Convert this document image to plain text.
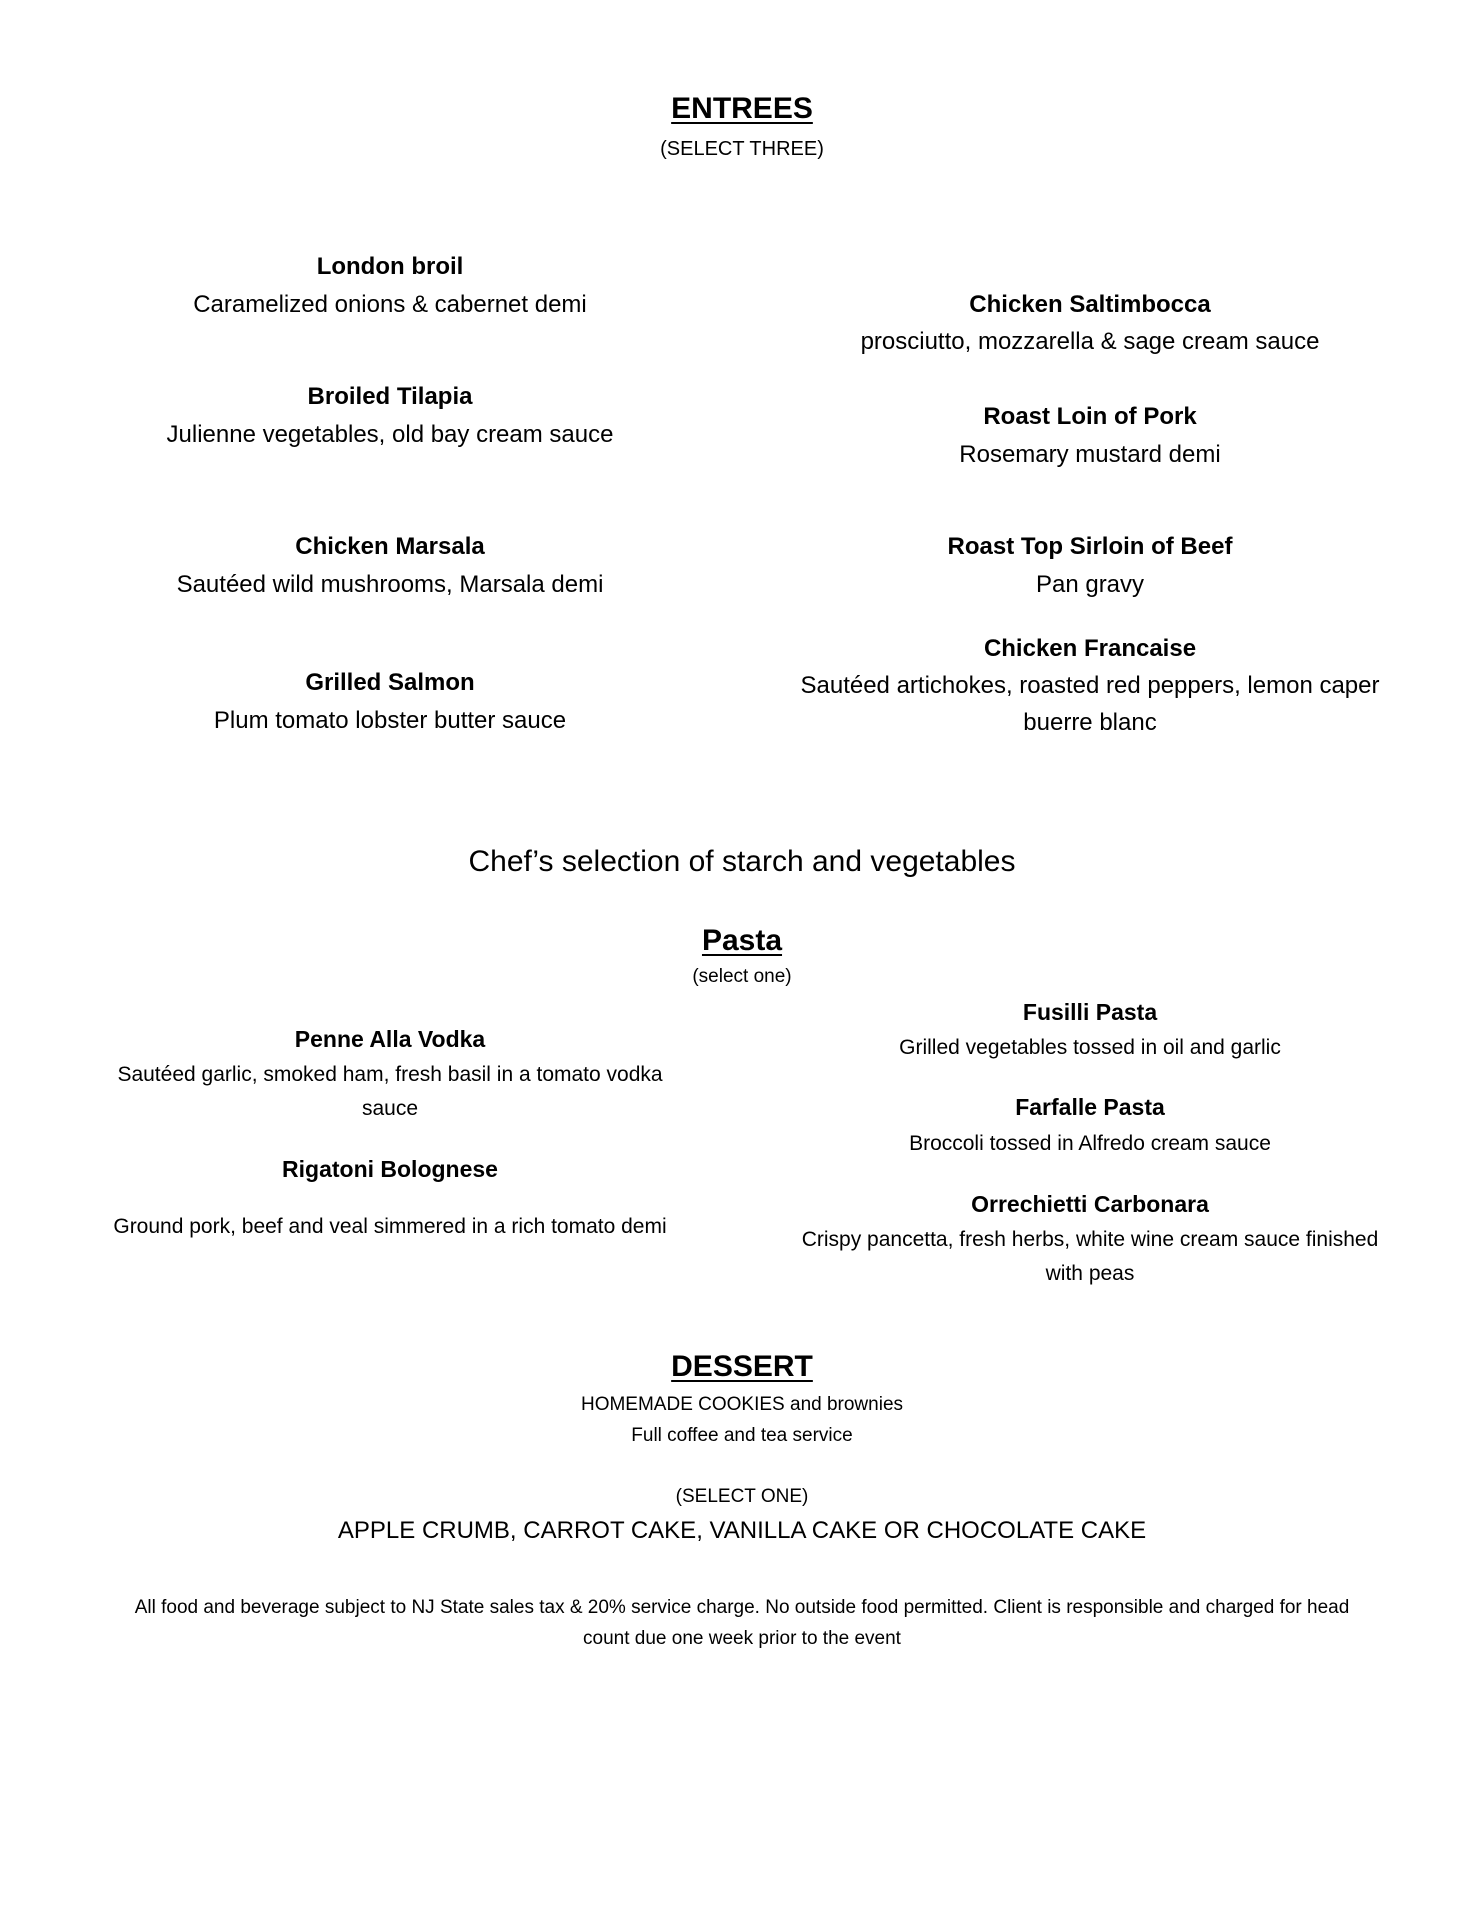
ENTREES
(SELECT THREE)
London broil
Caramelized onions & cabernet demi
Broiled Tilapia
Julienne vegetables, old bay cream sauce
Chicken Marsala
Sautéed wild mushrooms, Marsala demi
Grilled Salmon
Plum tomato lobster butter sauce
Chicken Saltimbocca
prosciutto, mozzarella & sage cream sauce
Roast Loin of Pork
Rosemary mustard demi
Roast Top Sirloin of Beef
Pan gravy
Chicken Francaise
Sautéed artichokes, roasted red peppers, lemon caper
buerre blanc
Chef’s selection of starch and vegetables
Pasta
(select one)
Penne Alla Vodka
Sautéed garlic, smoked ham, fresh basil in a tomato vodka
sauce
Rigatoni Bolognese
Ground pork, beef and veal simmered in a rich tomato demi
Fusilli Pasta
Grilled vegetables tossed in oil and garlic
Farfalle Pasta
Broccoli tossed in Alfredo cream sauce
Orrechietti Carbonara
Crispy pancetta, fresh herbs, white wine cream sauce finished
with peas
DESSERT
HOMEMADE COOKIES and brownies
Full coffee and tea service
(SELECT ONE)
APPLE CRUMB, CARROT CAKE, VANILLA CAKE OR CHOCOLATE CAKE
All food and beverage subject to NJ State sales tax & 20% service charge. No outside food permitted. Client is responsible and charged for head
count due one week prior to the event
